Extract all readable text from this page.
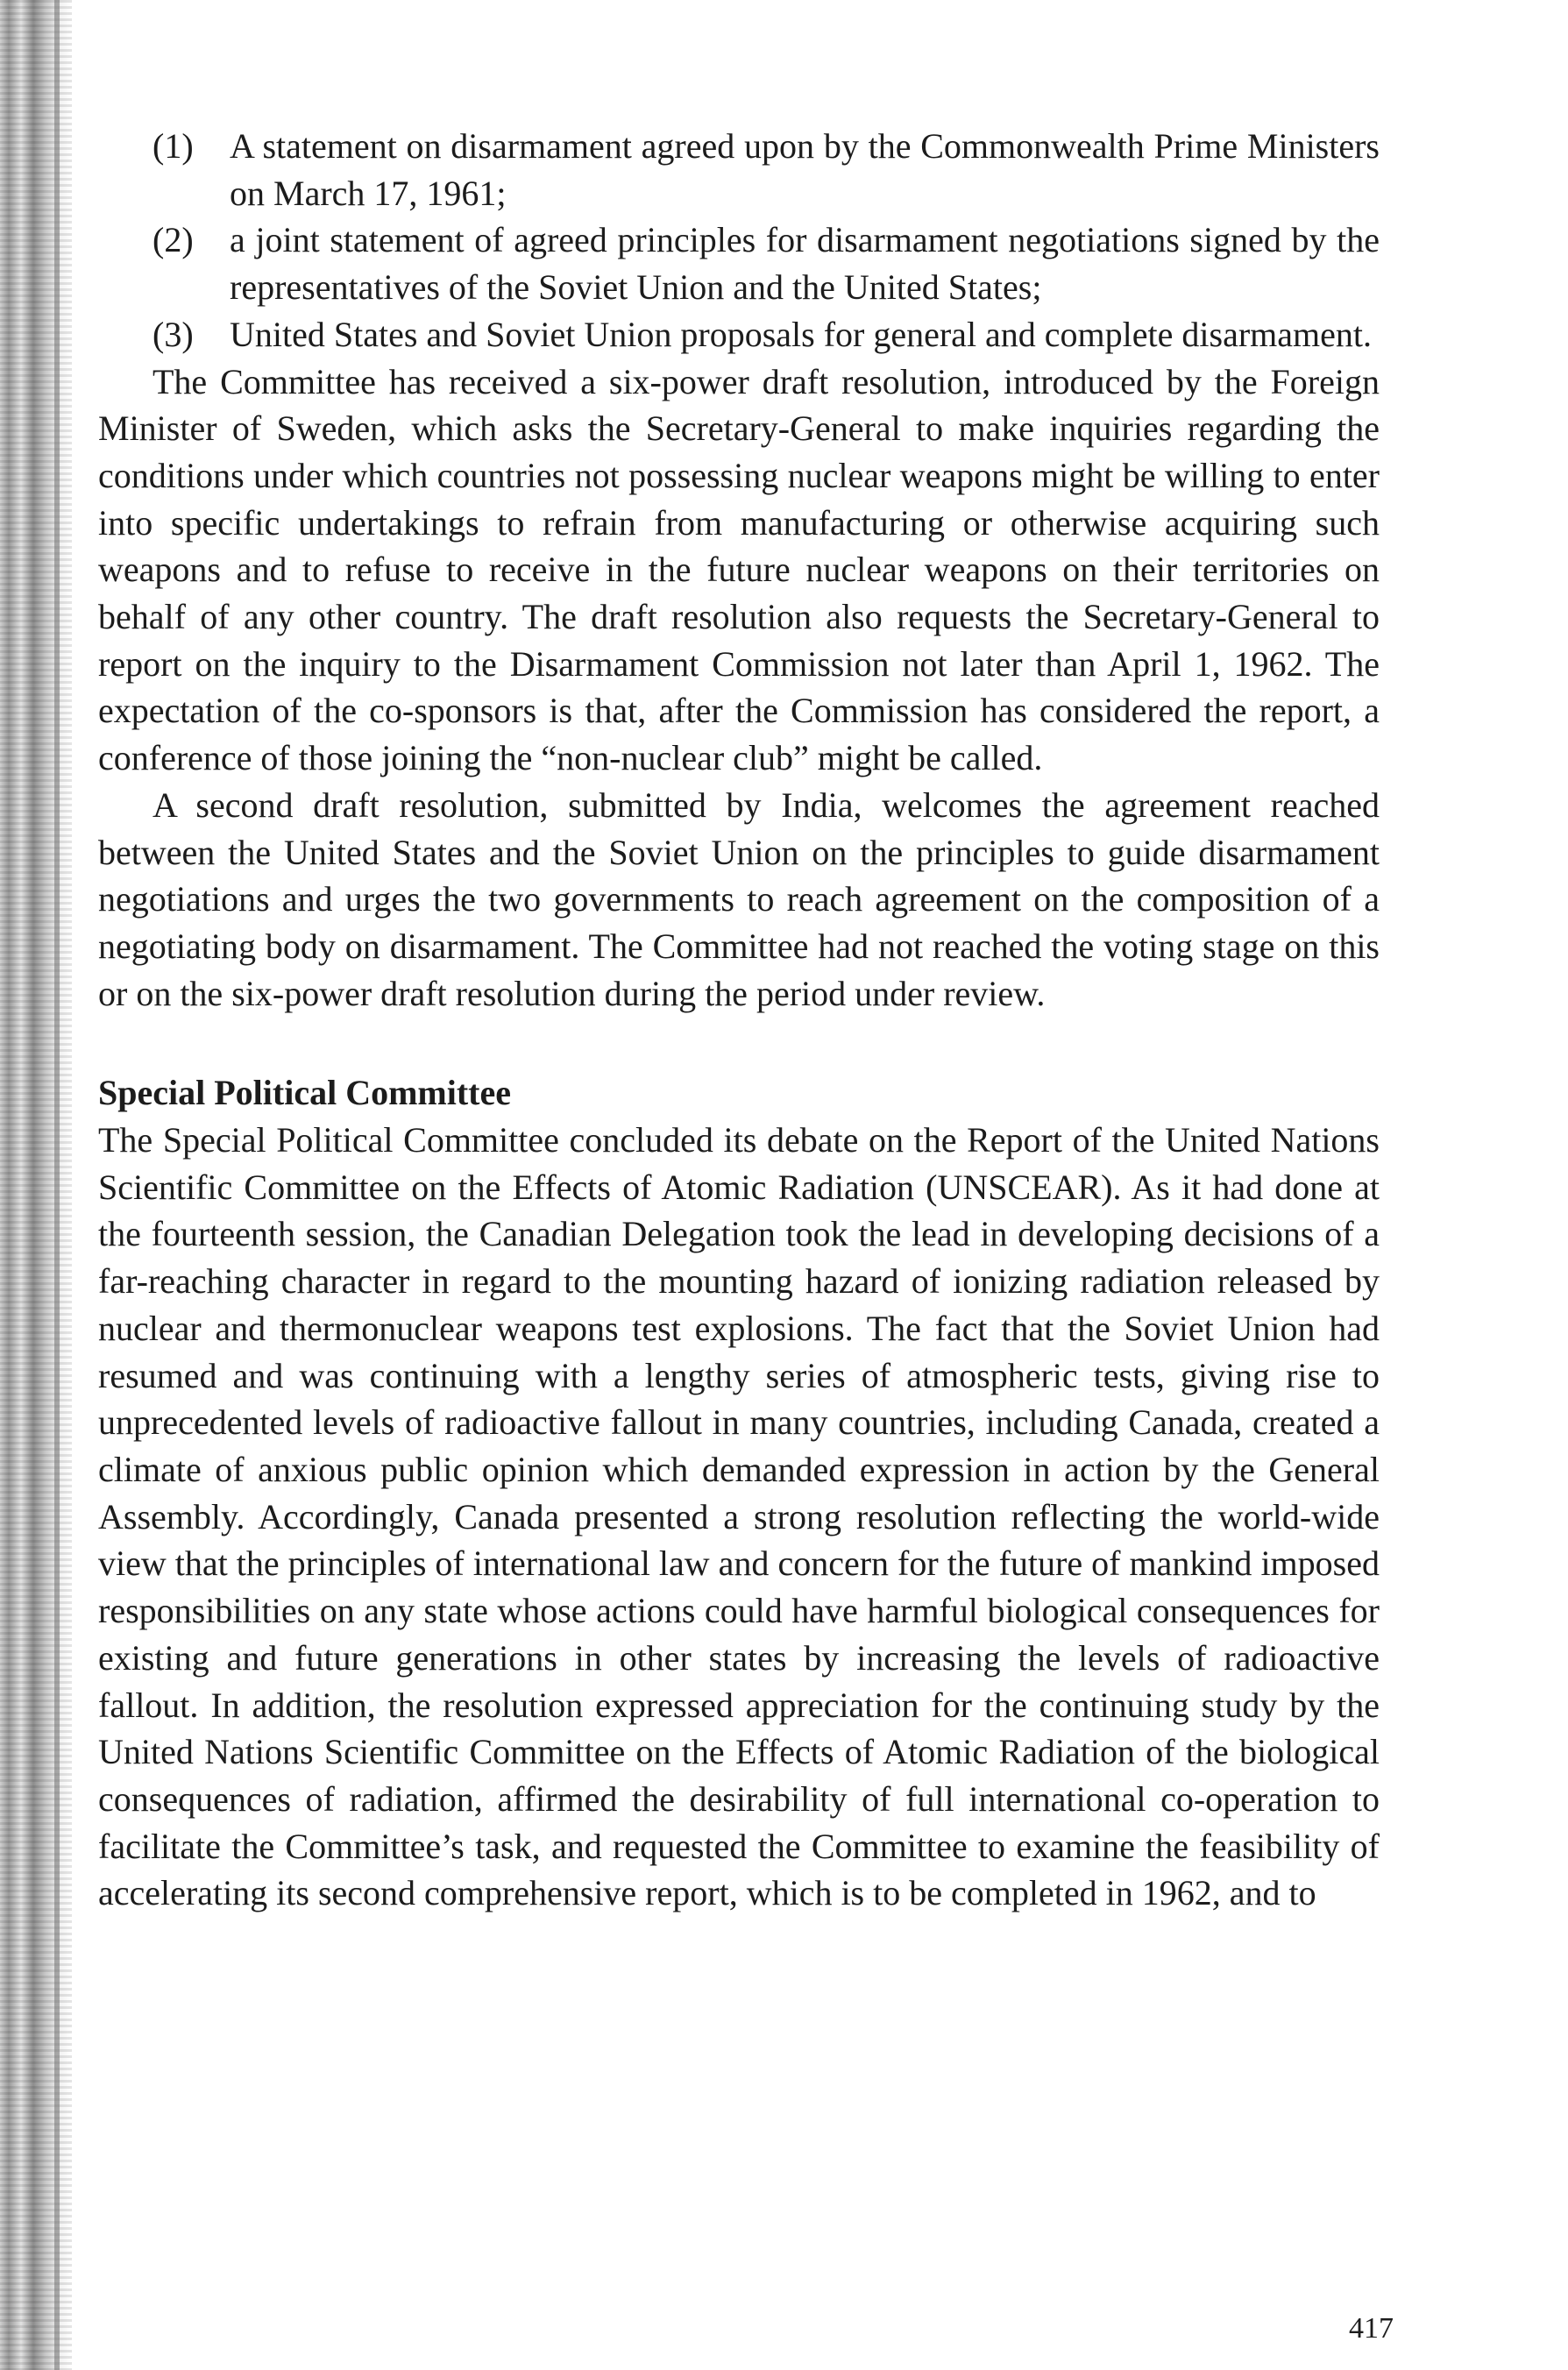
(1) A statement on disarmament agreed upon by the Commonwealth Prime Ministers on March 17, 1961;
(2) a joint statement of agreed principles for disarmament negotiations signed by the representatives of the Soviet Union and the United States;
(3) United States and Soviet Union proposals for general and complete disarmament.

The Committee has received a six-power draft resolution, introduced by the Foreign Minister of Sweden, which asks the Secretary-General to make inquiries regarding the conditions under which countries not possessing nuclear weapons might be willing to enter into specific undertakings to refrain from manufacturing or otherwise acquiring such weapons and to refuse to receive in the future nuclear weapons on their territories on behalf of any other country. The draft resolution also requests the Secretary-General to report on the inquiry to the Disarmament Commission not later than April 1, 1962. The expectation of the co-sponsors is that, after the Commission has considered the report, a conference of those joining the “non-nuclear club” might be called.

A second draft resolution, submitted by India, welcomes the agreement reached between the United States and the Soviet Union on the principles to guide disarmament negotiations and urges the two governments to reach agreement on the composition of a negotiating body on disarmament. The Committee had not reached the voting stage on this or on the six-power draft resolution during the period under review.

Special Political Committee

The Special Political Committee concluded its debate on the Report of the United Nations Scientific Committee on the Effects of Atomic Radiation (UNSCEAR). As it had done at the fourteenth session, the Canadian Delegation took the lead in developing decisions of a far-reaching character in regard to the mounting hazard of ionizing radiation released by nuclear and thermonuclear weapons test explosions. The fact that the Soviet Union had resumed and was continuing with a lengthy series of atmospheric tests, giving rise to unprecedented levels of radioactive fallout in many countries, including Canada, created a climate of anxious public opinion which demanded expression in action by the General Assembly. Accordingly, Canada presented a strong resolution reflecting the world-wide view that the principles of international law and concern for the future of mankind imposed responsibilities on any state whose actions could have harmful biological consequences for existing and future generations in other states by increasing the levels of radioactive fallout. In addition, the resolution expressed appreciation for the continuing study by the United Nations Scientific Committee on the Effects of Atomic Radiation of the biological consequences of radiation, affirmed the desirability of full international co-operation to facilitate the Committee’s task, and requested the Committee to examine the feasibility of accelerating its second comprehensive report, which is to be completed in 1962, and to

417
